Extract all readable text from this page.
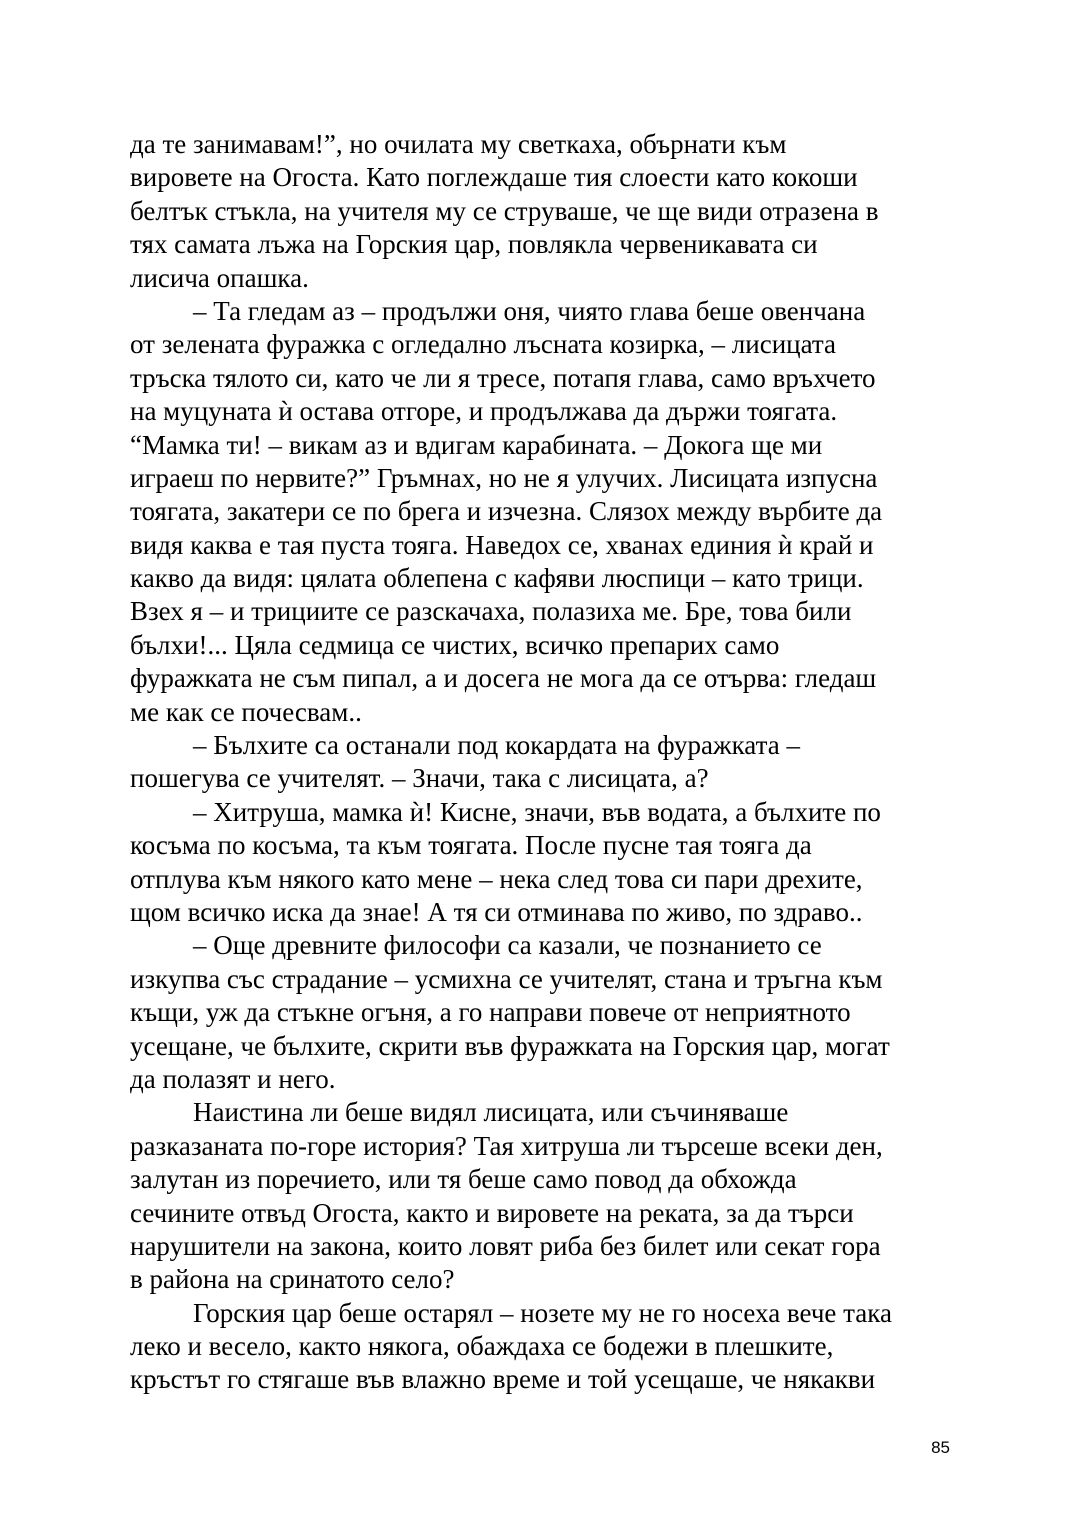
да те занимавам!”, но очилата му светкаха, обърнати към
вировете на Огоста. Като поглеждаше тия слоести като кокоши
белтък стъкла, на учителя му се струваше, че ще види отразена в
тях самата лъжа на Горския цар, повлякла червеникавата си
лисича опашка.
– Та гледам аз – продължи оня, чиято глава беше овенчана
от зелената фуражка с огледално лъсната козирка, – лисицата
тръска тялото си, като че ли я тресе, потапя глава, само връхчето
на муцуната ѝ остава отгоре, и продължава да държи тоягата.
“Мамка ти! – викам аз и вдигам карабината. – Докога ще ми
играеш по нервите?” Гръмнах, но не я улучих. Лисицата изпусна
тоягата, закатери се по брега и изчезна. Слязох между върбите да
видя каква е тая пуста тояга. Наведох се, хванах единия ѝ край и
какво да видя: цялата облепена с кафяви люспици – като трици.
Взех я – и трициите се разскачаха, полазиха ме. Бре, това били
бълхи!... Цяла седмица се чистих, всичко препарих само
фуражката не съм пипал, а и досега не мога да се отърва: гледаш
ме как се почесвам..
– Бълхите са останали под кокардата на фуражката –
пошегува се учителят. – Значи, така с лисицата, а?
– Хитруша, мамка ѝ! Кисне, значи, във водата, а бълхите по
косъма по косъма, та към тоягата. После пусне тая тояга да
отплува към някого като мене – нека след това си пари дрехите,
щом всичко иска да знае! А тя си отминава по живо, по здраво..
– Още древните философи са казали, че познанието се
изкупва със страдание – усмихна се учителят, стана и тръгна към
къщи, уж да стъкне огъня, а го направи повече от неприятното
усещане, че бълхите, скрити във фуражката на Горския цар, могат
да полазят и него.
Наистина ли беше видял лисицата, или съчиняваше
разказаната по-горе история? Тая хитруша ли търсеше всеки ден,
залутан из поречието, или тя беше само повод да обхожда
сечините отвъд Огоста, както и вировете на реката, за да търси
нарушители на закона, които ловят риба без билет или секат гора
в района на сринатото село?
Горския цар беше остарял – нозете му не го носеха вече така
леко и весело, както някога, обаждаха се бодежи в плешките,
кръстът го стягаше във влажно време и той усещаше, че някакви
85
